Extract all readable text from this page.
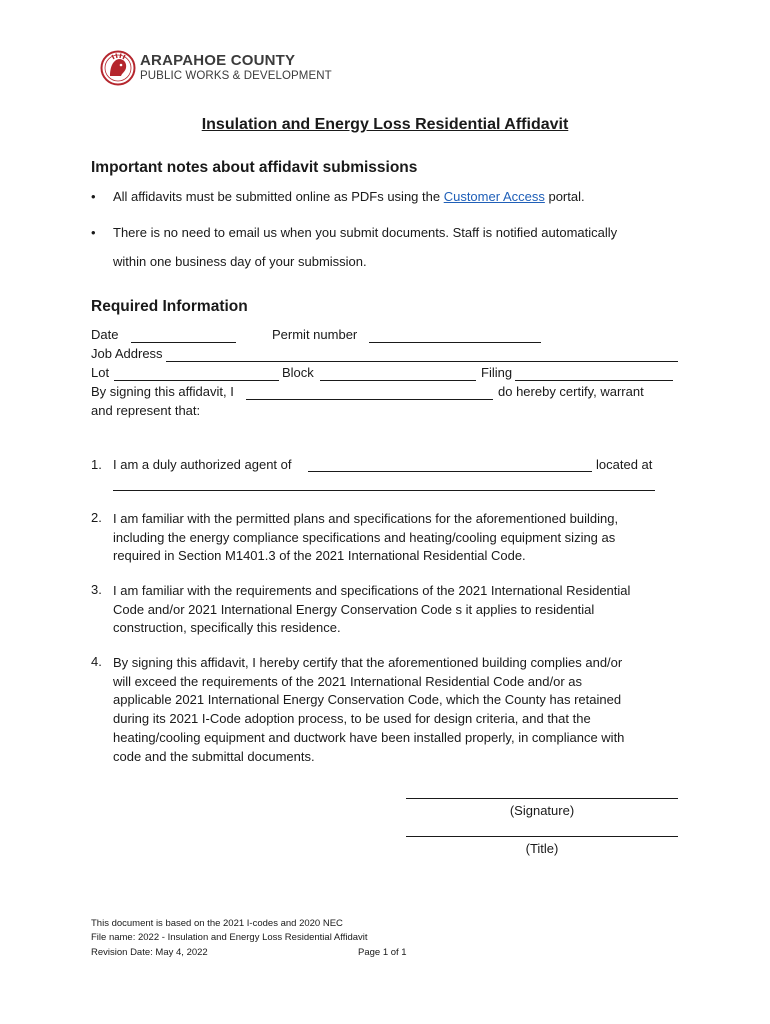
ARAPAHOE COUNTY
PUBLIC WORKS & DEVELOPMENT
Insulation and Energy Loss Residential Affidavit
Important notes about affidavit submissions
• All affidavits must be submitted online as PDFs using the Customer Access portal.
• There is no need to email us when you submit documents. Staff is notified automatically
within one business day of your submission.
Required Information
Date	Permit number
Job Address
Lot	Block	Filing
By signing this affidavit, I	do hereby certify, warrant
and represent that:
1. I am a duly authorized agent of	located at
2. I am familiar with the permitted plans and specifications for the aforementioned building,
including the energy compliance specifications and heating/cooling equipment sizing as
required in Section M1401.3 of the 2021 International Residential Code.
3. I am familiar with the requirements and specifications of the 2021 International Residential
Code and/or 2021 International Energy Conservation Code s it applies to residential
construction, specifically this residence.
4. By signing this affidavit, I hereby certify that the aforementioned building complies and/or
will exceed the requirements of the 2021 International Residential Code and/or as
applicable 2021 International Energy Conservation Code, which the County has retained
during its 2021 I-Code adoption process, to be used for design criteria, and that the
heating/cooling equipment and ductwork have been installed properly, in compliance with
code and the submittal documents.
(Signature)
(Title)
This document is based on the 2021 I-codes and 2020 NEC
File name: 2022 - Insulation and Energy Loss Residential Affidavit
Revision Date: May 4, 2022	Page 1 of 1
